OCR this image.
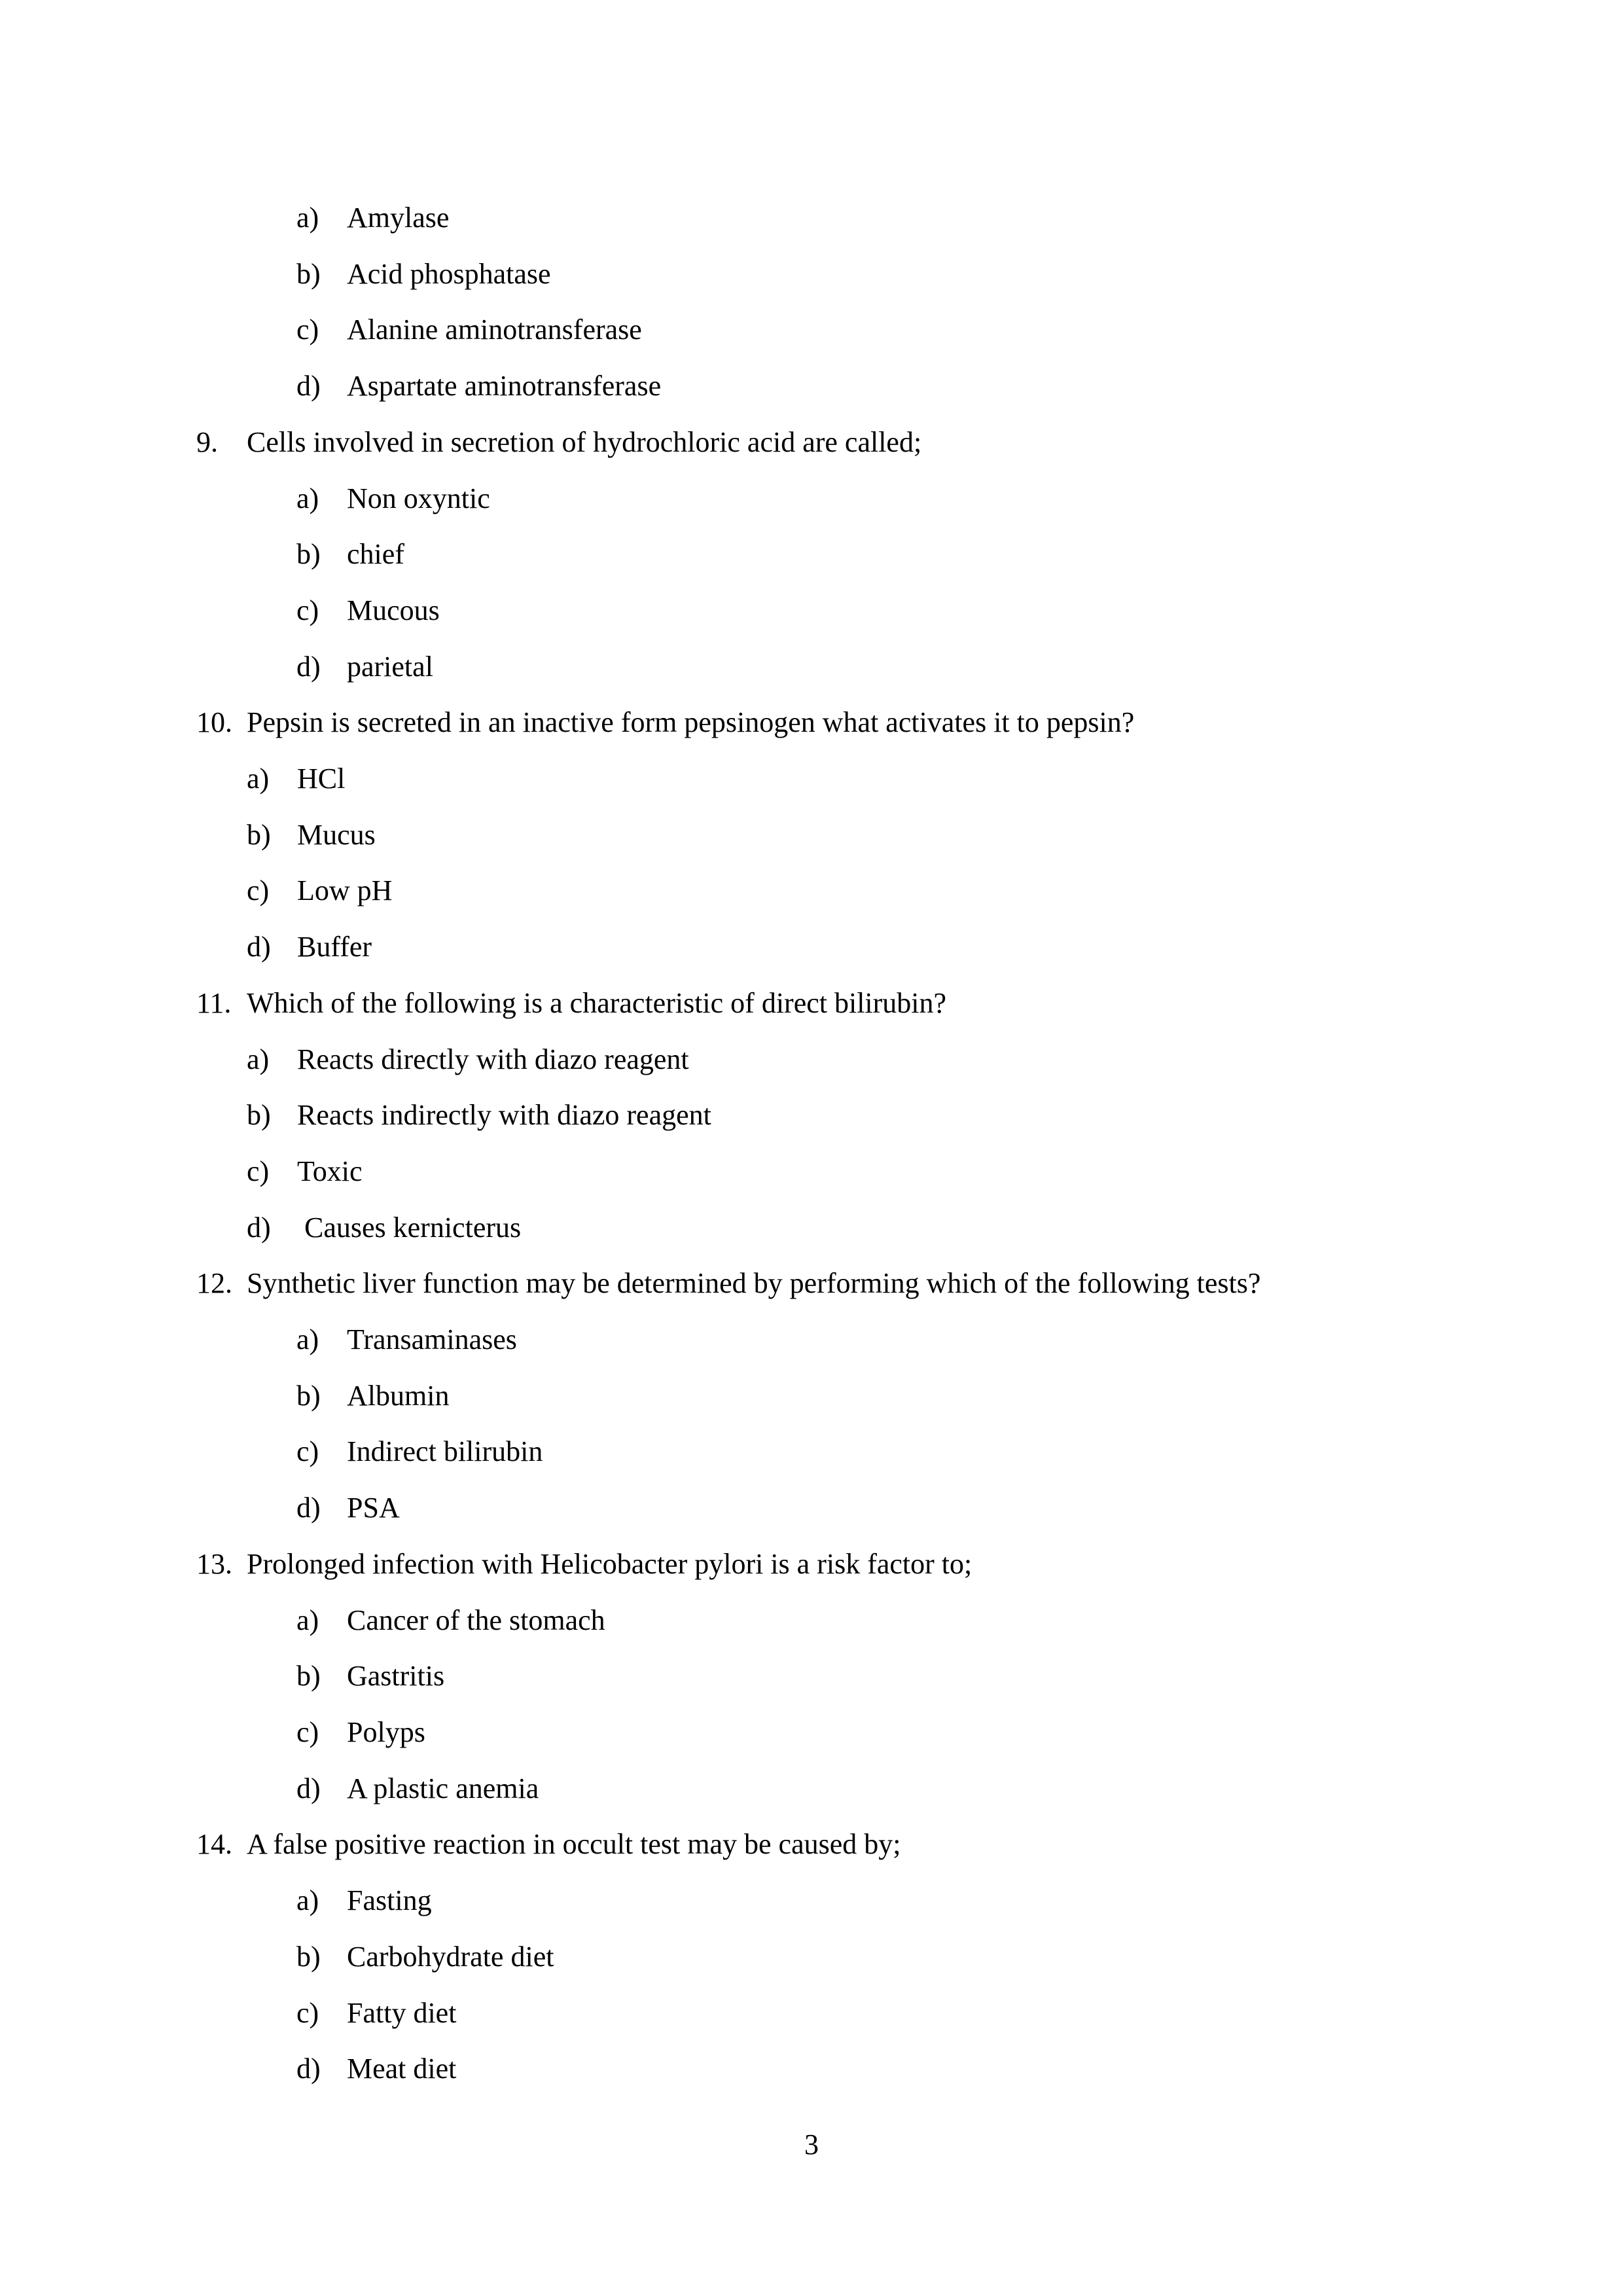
a) Amylase
b) Acid phosphatase
c) Alanine aminotransferase
d) Aspartate aminotransferase
9. Cells involved in secretion of hydrochloric acid are called;
a) Non oxyntic
b) chief
c) Mucous
d) parietal
10. Pepsin is secreted in an inactive form pepsinogen what activates it to pepsin?
a) HCl
b) Mucus
c) Low pH
d) Buffer
11. Which of the following is a characteristic of direct bilirubin?
a) Reacts directly with diazo reagent
b) Reacts indirectly with diazo reagent
c) Toxic
d) Causes kernicterus
12. Synthetic liver function may be determined by performing which of the following tests?
a) Transaminases
b) Albumin
c) Indirect bilirubin
d) PSA
13. Prolonged infection with Helicobacter pylori is a risk factor to;
a) Cancer of the stomach
b) Gastritis
c) Polyps
d) A plastic anemia
14. A false positive reaction in occult test may be caused by;
a) Fasting
b) Carbohydrate diet
c) Fatty diet
d) Meat diet
3
